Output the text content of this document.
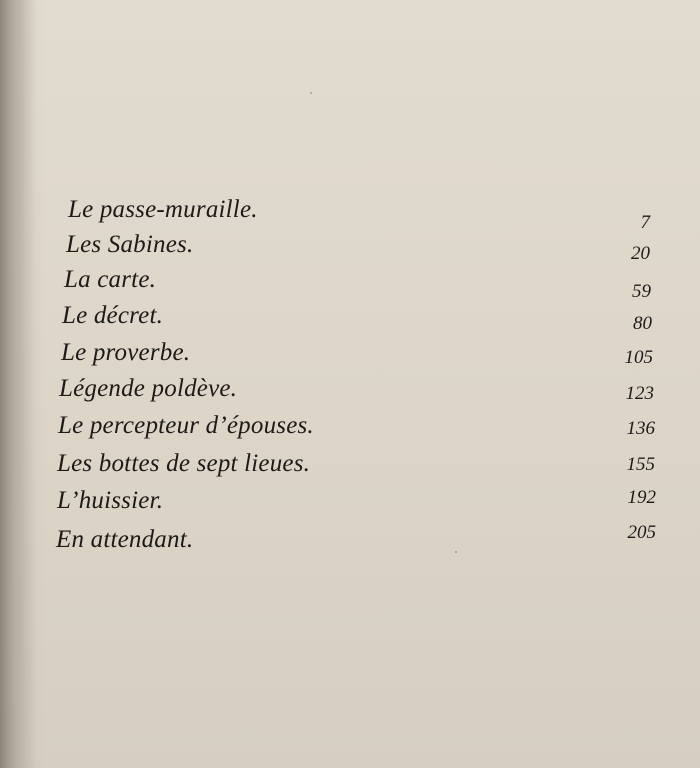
Le passe-muraille.	7
Les Sabines.	20
La carte.	59
Le décret.	80
Le proverbe.	105
Légende poldève.	123
Le percepteur d’épouses.	136
Les bottes de sept lieues.	155
L’huissier.	192
En attendant.	205
